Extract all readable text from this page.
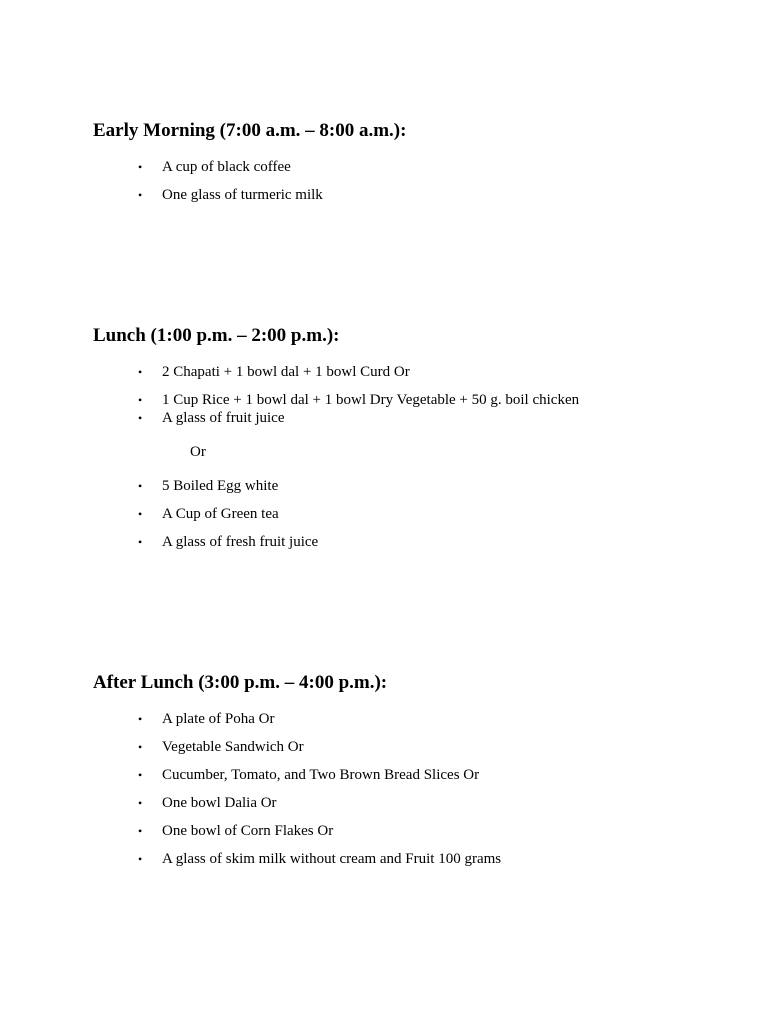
Early Morning (7:00 a.m. – 8:00 a.m.):
• A cup of black coffee
• One glass of turmeric milk
Lunch (1:00 p.m. – 2:00 p.m.):
• 2 Chapati + 1 bowl dal + 1 bowl Curd Or
• 1 Cup Rice + 1 bowl dal + 1 bowl Dry Vegetable + 50 g. boil chicken
• A glass of fruit juice
Or
• 5 Boiled Egg white
• A Cup of Green tea
• A glass of fresh fruit juice
After Lunch (3:00 p.m. – 4:00 p.m.):
• A plate of Poha Or
• Vegetable Sandwich Or
• Cucumber, Tomato, and Two Brown Bread Slices Or
• One bowl Dalia Or
• One bowl of Corn Flakes Or
• A glass of skim milk without cream and Fruit 100 grams
